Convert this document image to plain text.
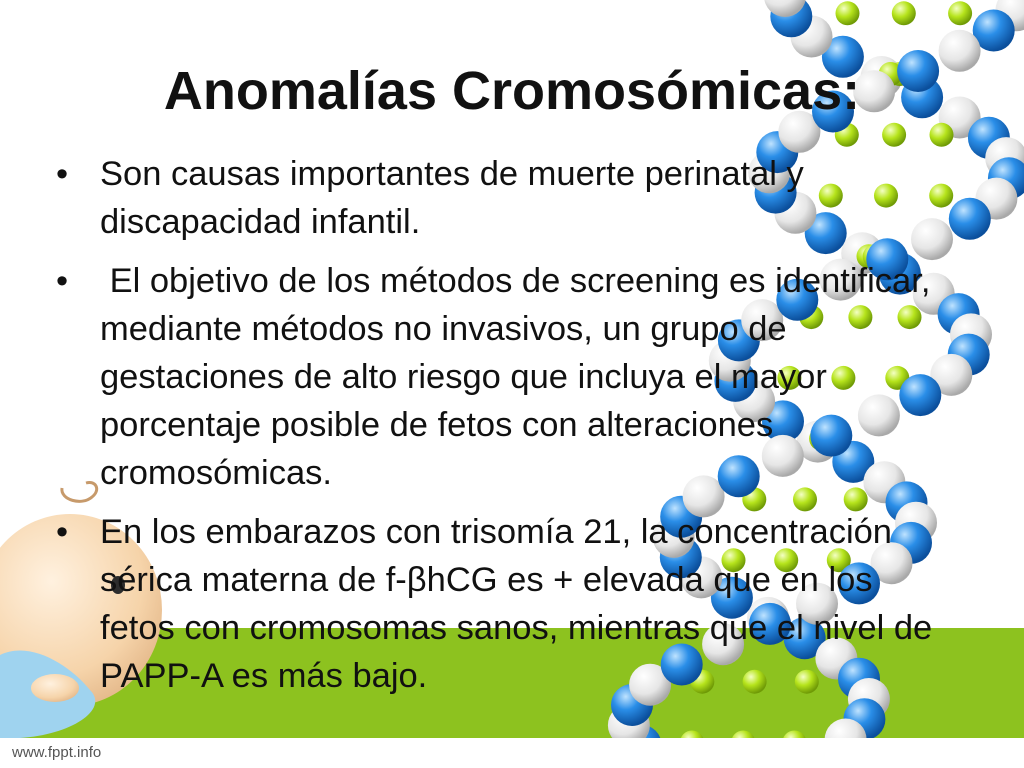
Anomalías Cromosómicas:
• Son causas importantes de muerte perinatal y discapacidad infantil.
• El objetivo de los métodos de screening es identificar, mediante métodos no invasivos, un grupo de gestaciones de alto riesgo que incluya el mayor porcentaje posible de fetos con alteraciones cromosómicas.
• En los embarazos con trisomía 21, la concentración sérica materna de f-βhCG es + elevada que en los fetos con cromosomas sanos, mientras que el nivel de PAPP-A es más bajo.
www.fppt.info
